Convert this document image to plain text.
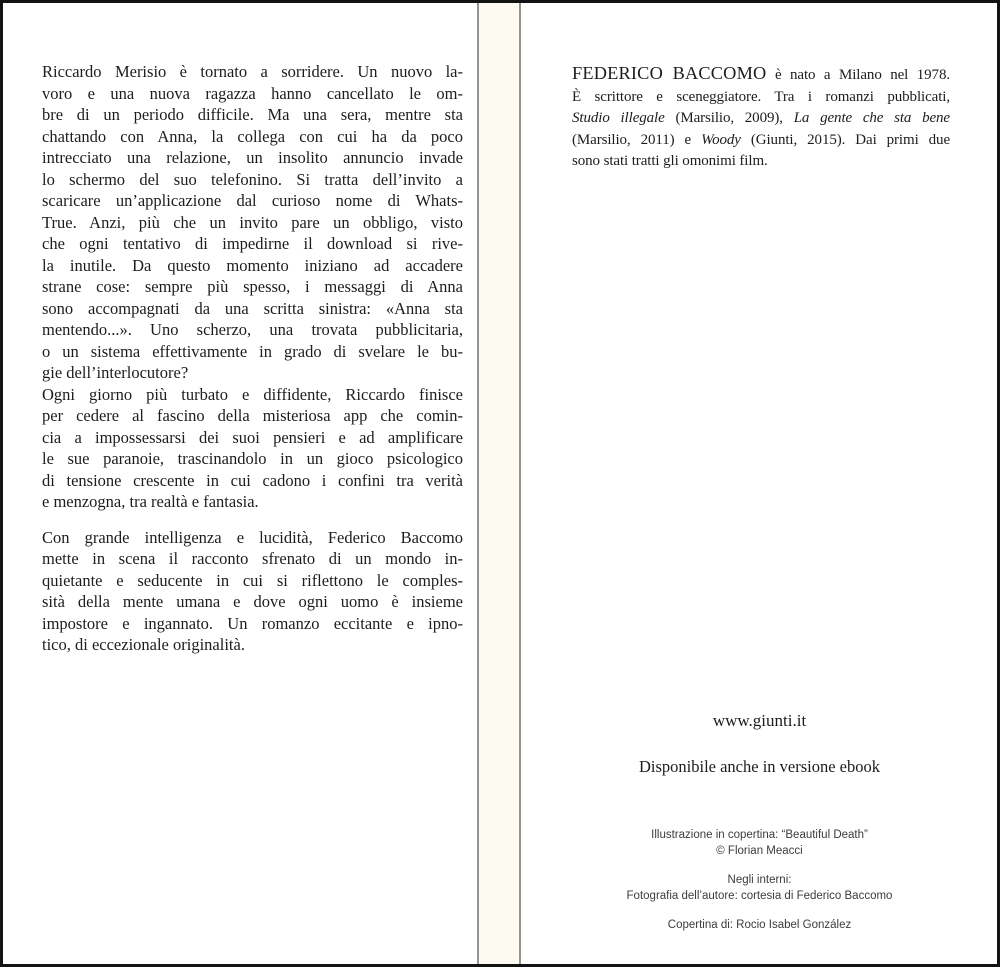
Riccardo Merisio è tornato a sorridere. Un nuovo la-
voro e una nuova ragazza hanno cancellato le om-
bre di un periodo difficile. Ma una sera, mentre sta
chattando con Anna, la collega con cui ha da poco
intrecciato una relazione, un insolito annuncio invade
lo schermo del suo telefonino. Si tratta dell’invito a
scaricare un’applicazione dal curioso nome di Whats-
True. Anzi, più che un invito pare un obbligo, visto
che ogni tentativo di impedirne il download si rive-
la inutile. Da questo momento iniziano ad accadere
strane cose: sempre più spesso, i messaggi di Anna
sono accompagnati da una scritta sinistra: «Anna sta
mentendo...». Uno scherzo, una trovata pubblicitaria,
o un sistema effettivamente in grado di svelare le bu-
gie dell’interlocutore?
Ogni giorno più turbato e diffidente, Riccardo finisce
per cedere al fascino della misteriosa app che comin-
cia a impossessarsi dei suoi pensieri e ad amplificare
le sue paranoie, trascinandolo in un gioco psicologico
di tensione crescente in cui cadono i confini tra verità
e menzogna, tra realtà e fantasia.
Con grande intelligenza e lucidità, Federico Baccomo
mette in scena il racconto sfrenato di un mondo in-
quietante e seducente in cui si riflettono le comples-
sità della mente umana e dove ogni uomo è insieme
impostore e ingannato. Un romanzo eccitante e ipno-
tico, di eccezionale originalità.
FEDERICO BACCOMO è nato a Milano nel 1978.
È scrittore e sceneggiatore. Tra i romanzi pubblicati,
Studio illegale (Marsilio, 2009), La gente che sta bene
(Marsilio, 2011) e Woody (Giunti, 2015). Dai primi due
sono stati tratti gli omonimi film.
www.giunti.it
Disponibile anche in versione ebook
Illustrazione in copertina: “Beautiful Death”
© Florian Meacci
Negli interni:
Fotografia dell’autore: cortesia di Federico Baccomo
Copertina di: Rocio Isabel González
